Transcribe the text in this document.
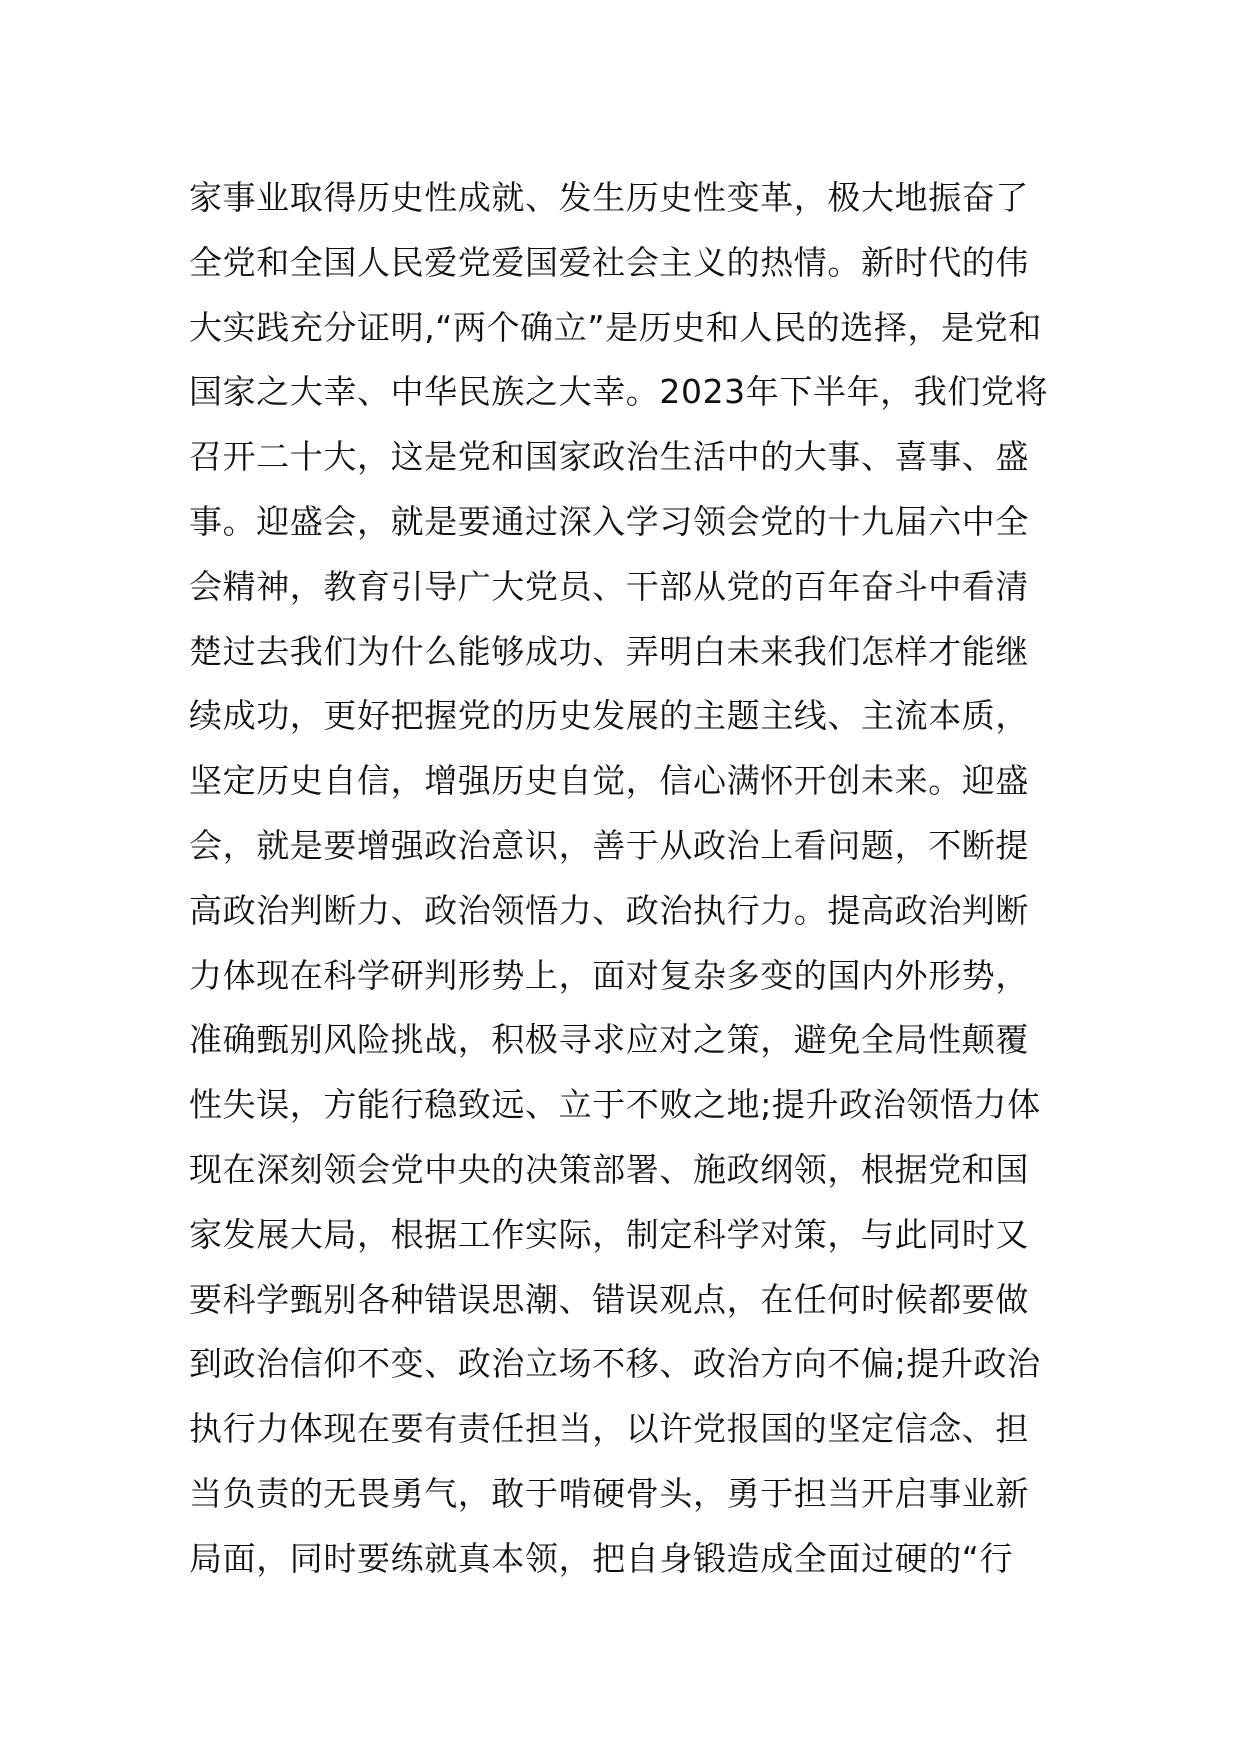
家事业取得历史性成就、发生历史性变革，极大地振奋了
全党和全国人民爱党爱国爱社会主义的热情。新时代的伟
大实践充分证明,“两个确立”是历史和人民的选择，是党和
国家之大幸、中华民族之大幸。2023年下半年，我们党将
召开二十大，这是党和国家政治生活中的大事、喜事、盛
事。迎盛会，就是要通过深入学习领会党的十九届六中全
会精神，教育引导广大党员、干部从党的百年奋斗中看清
楚过去我们为什么能够成功、弄明白未来我们怎样才能继
续成功，更好把握党的历史发展的主题主线、主流本质，
坚定历史自信，增强历史自觉，信心满怀开创未来。迎盛
会，就是要增强政治意识，善于从政治上看问题，不断提
高政治判断力、政治领悟力、政治执行力。提高政治判断
力体现在科学研判形势上，面对复杂多变的国内外形势，
准确甄别风险挑战，积极寻求应对之策，避免全局性颠覆
性失误，方能行稳致远、立于不败之地;提升政治领悟力体
现在深刻领会党中央的决策部署、施政纲领，根据党和国
家发展大局，根据工作实际，制定科学对策，与此同时又
要科学甄别各种错误思潮、错误观点，在任何时候都要做
到政治信仰不变、政治立场不移、政治方向不偏;提升政治
执行力体现在要有责任担当，以许党报国的坚定信念、担
当负责的无畏勇气，敢于啃硬骨头，勇于担当开启事业新
局面，同时要练就真本领，把自身锻造成全面过硬的“行
